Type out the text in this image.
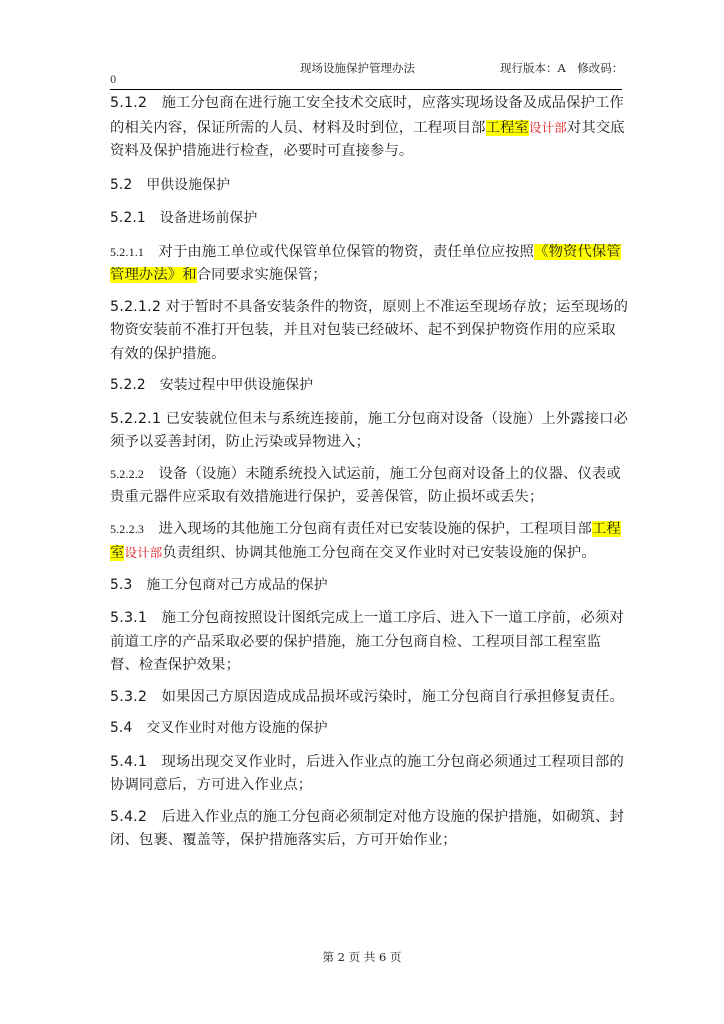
现场设施保护管理办法	现行版本：A　修改码：
0

5.1.2　 施工分包商在进行施工安全技术交底时，应落实现场设备及成品保护工作的相关内容，保证所需的人员、材料及时到位，工程项目部工程室设计部对其交底资料及保护措施进行检查，必要时可直接参与。

5.2　 甲供设施保护

5.2.1　 设备进场前保护

5.2.1.1　 对于由施工单位或代保管单位保管的物资，责任单位应按照《物资代保管管理办法》和合同要求实施保管；

5.2.1.2 对于暂时不具备安装条件的物资，原则上不准运至现场存放；运至现场的物资安装前不准打开包装，并且对包装已经破坏、起不到保护物资作用的应采取有效的保护措施。

5.2.2　 安装过程中甲供设施保护

5.2.2.1 已安装就位但未与系统连接前，施工分包商对设备（设施）上外露接口必须予以妥善封闭，防止污染或异物进入；

5.2.2.2　 设备（设施）未随系统投入试运前，施工分包商对设备上的仪器、仪表或贵重元器件应采取有效措施进行保护，妥善保管，防止损坏或丢失；

5.2.2.3　 进入现场的其他施工分包商有责任对已安装设施的保护，工程项目部工程室设计部负责组织、协调其他施工分包商在交叉作业时对已安装设施的保护。

5.3　 施工分包商对己方成品的保护

5.3.1　 施工分包商按照设计图纸完成上一道工序后、进入下一道工序前，必须对前道工序的产品采取必要的保护措施，施工分包商自检、工程项目部工程室监督、检查保护效果；

5.3.2　 如果因己方原因造成成品损坏或污染时，施工分包商自行承担修复责任。

5.4　 交叉作业时对他方设施的保护

5.4.1　 现场出现交叉作业时，后进入作业点的施工分包商必须通过工程项目部的协调同意后，方可进入作业点；

5.4.2　 后进入作业点的施工分包商必须制定对他方设施的保护措施，如砌筑、封闭、包裹、覆盖等，保护措施落实后，方可开始作业；

第 2 页 共 6 页
